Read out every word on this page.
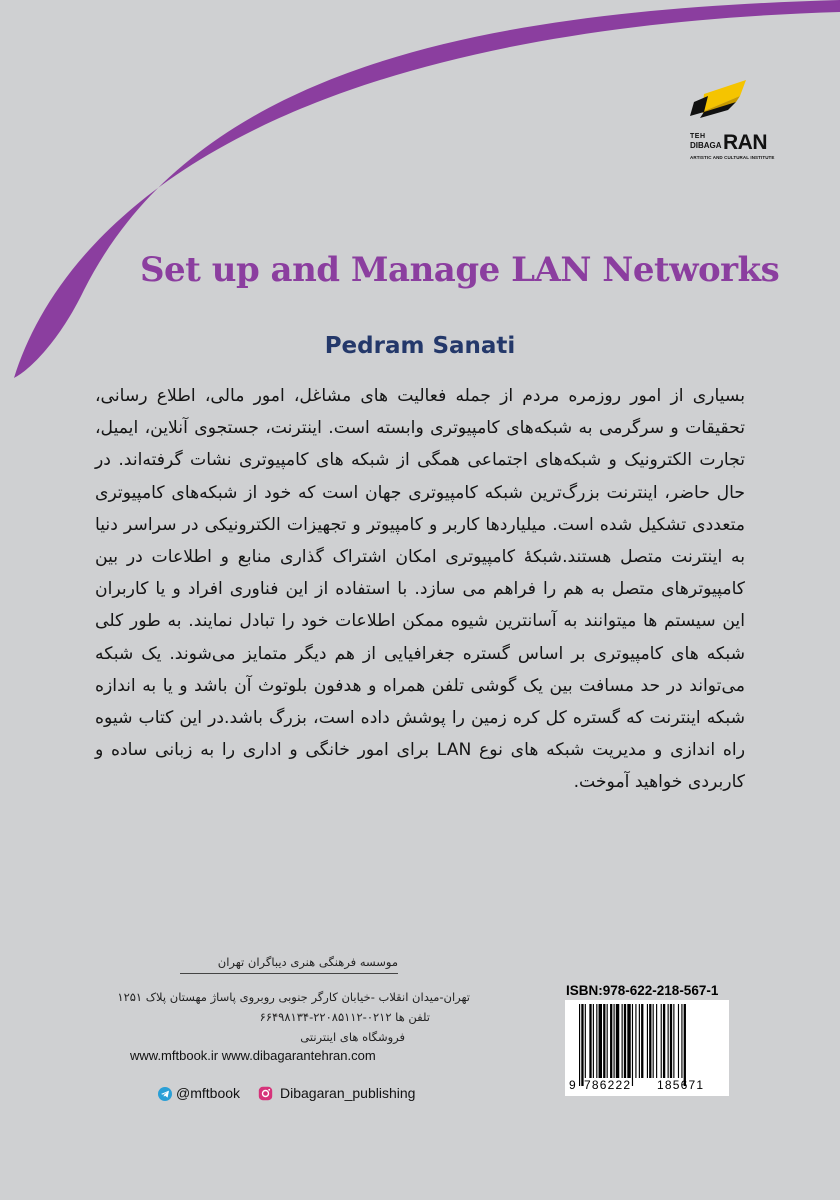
TEH
DIBAGA RAN
ARTISTIC AND CULTURAL INSTITUTE
Set up and Manage LAN Networks
Pedram Sanati

بسیاری از امور روزمره مردم از جمله فعالیت های مشاغل، امور مالی، اطلاع رسانی، تحقیقات و سرگرمی به شبکه‌های کامپیوتری وابسته است. اینترنت، جستجوی آنلاین، ایمیل، تجارت الکترونیک و شبکه‌های اجتماعی همگی از شبکه های کامپیوتری نشات گرفته‌اند. در حال حاضر، اینترنت بزرگ‌ترین شبکه کامپیوتری جهان است که خود از شبکه‌های کامپیوتری متعددی تشکیل شده است. میلیاردها کاربر و کامپیوتر و تجهیزات الکترونیکی در سراسر دنیا به اینترنت متصل هستند.شبکهٔ کامپیوتری امکان اشتراک گذاری منابع و اطلاعات در بین کامپیوترهای متصل به هم را فراهم می سازد. با استفاده از این فناوری افراد و یا کاربران این سیستم ها میتوانند به آسانترین شیوه ممکن اطلاعات خود را تبادل نمایند. به طور کلی شبکه های کامپیوتری بر اساس گستره جغرافیایی از هم دیگر متمایز می‌شوند. یک شبکه می‌تواند در حد مسافت بین یک گوشی تلفن همراه و هدفون بلوتوث آن باشد و یا به اندازه شبکه اینترنت که گستره کل کره زمین را پوشش داده است، بزرگ باشد.در این کتاب شیوه راه اندازی و مدیریت شبکه های نوع LAN برای امور خانگی و اداری را به زبانی ساده و کاربردی خواهید آموخت.

موسسه فرهنگی هنری دیباگران تهران
تهران-میدان انقلاب -خیابان کارگر جنوبی روبروی پاساژ مهستان پلاک ۱۲۵۱
تلفن ها ۰۲۱۲-۲۲۰۸۵۱۱۲-۶۶۴۹۸۱۳۴
فروشگاه های اینترنتی
www.mftbook.ir www.dibagarantehran.com
@mftbook	Dibagaran_publishing
ISBN:978-622-218-567-1
9 786222 185671
